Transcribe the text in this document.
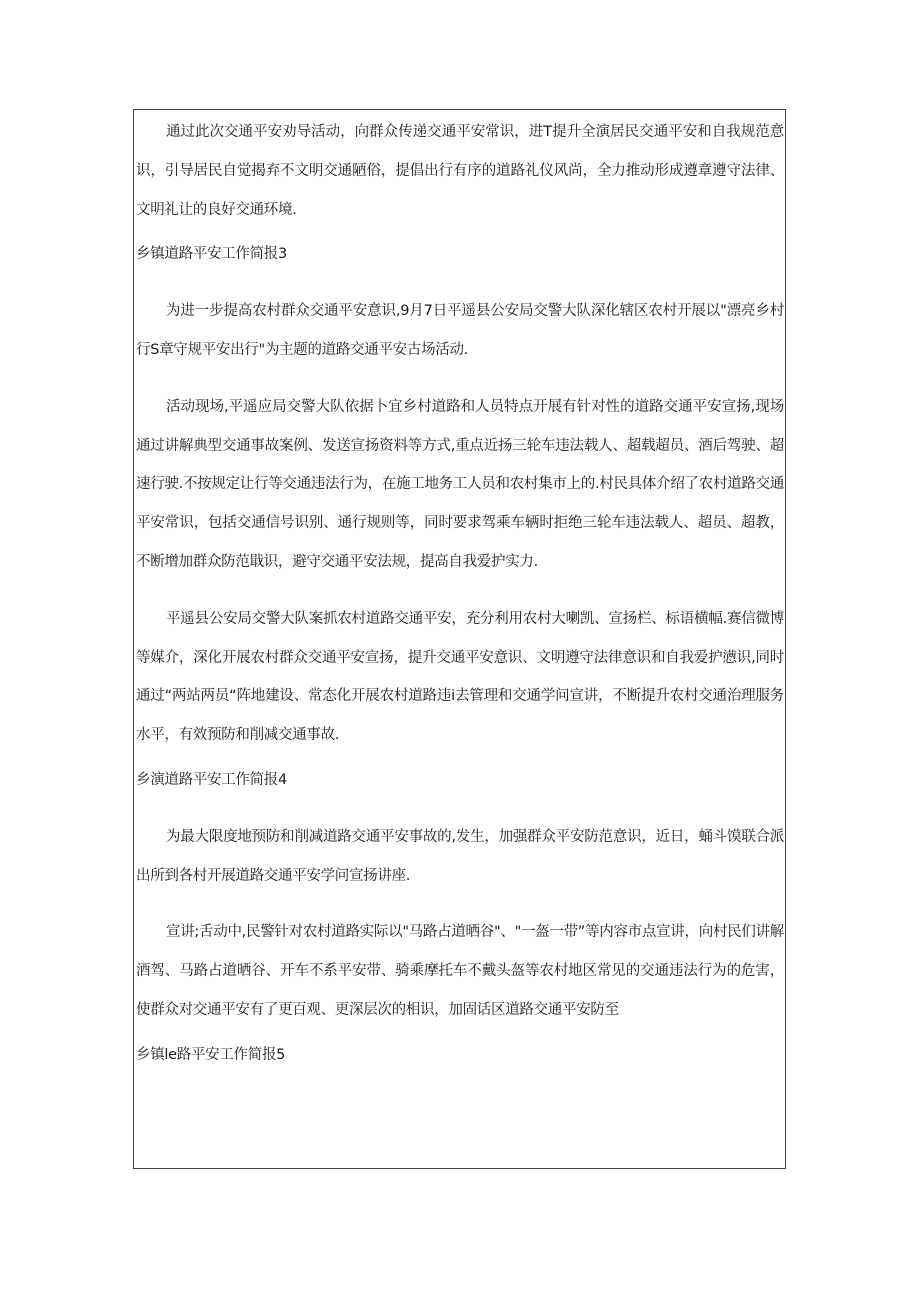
通过此次交通平安劝导活动，向群众传递交通平安常识，进T提升全演居民交通平安和自我规范意识，引导居民自觉揭弃不文明交通陋俗，提倡出行有序的道路礼仪风尚，全力推动形成遵章遵守法律、文明礼让的良好交通环境.

乡镇道路平安工作简报3

为进一步提高农村群众交通平安意识,9月7日平遥县公安局交警大队深化辖区农村开展以"漂亮乡村行S章守规平安出行"为主题的道路交通平安古场活动.

活动现场,平遥应局交警大队依据卜宜乡村道路和人员特点开展有针对性的道路交通平安宣扬,现场通过讲解典型交通事故案例、发送宣扬资料等方式,重点近扬三轮车违法载人、超载超员、酒后驾驶、超速行驶.不按规定让行等交通违法行为，在施工地务工人员和农村集市上的.村民具体介绍了农村道路交通平安常识，包括交通信号识别、通行规则等，同时要求驾乘车辆时拒绝三轮车违法载人、超员、超教，不断增加群众防范戢识，避守交通平安法规，提高自我爱护实力.

平遥县公安局交警大队案抓农村道路交通平安，充分利用农村大喇凯、宣扬栏、标语横幅.赛信微博等媒介，深化开展农村群众交通平安宣扬，提升交通平安意识、文明遵守法律意识和自我爱护懑识,同时通过“两站两员“阵地建设、常态化开展农村道路违i去管理和交通学问宣讲，不断提升农村交通治理服务水平，有效预防和削减交通事故.

乡演道路平安工作简报4

为最大限度地预防和削减道路交通平安事故的,发生，加强群众平安防范意识，近日，蛹斗馍联合派出所到各村开展道路交通平安学问宣扬讲座.

宣讲;舌动中,民警针对农村道路实际以"马路占道晒谷"、"一盔一带”等内容市点宣讲，向村民们讲解酒驾、马路占道晒谷、开车不系平安带、骑乘摩托车不戴头盔等农村地区常见的交通违法行为的危害，使群众对交通平安有了更百观、更深层次的相识，加固话区道路交通平安防至

乡镇le路平安工作简报5
